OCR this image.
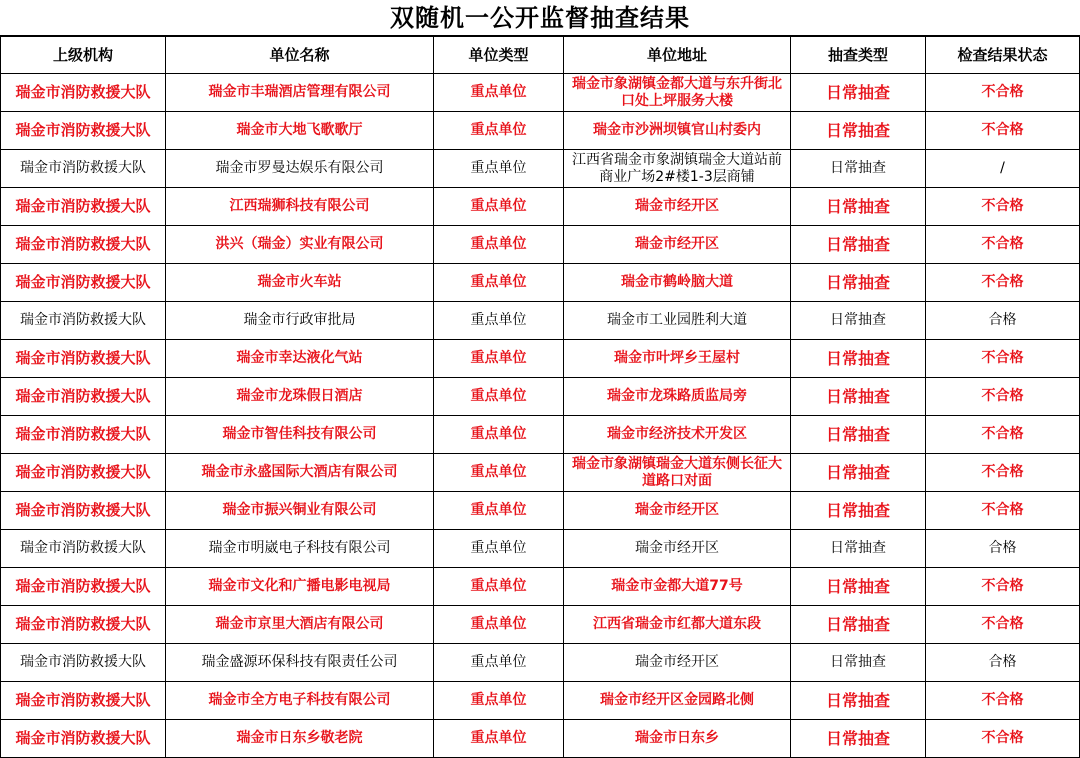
双随机一公开监督抽查结果
上级机构	单位名称	单位类型	单位地址	抽查类型	检查结果状态
瑞金市消防救援大队	瑞金市丰瑞酒店管理有限公司	重点单位	瑞金市象湖镇金都大道与东升街北口处上坪服务大楼	日常抽查	不合格
瑞金市消防救援大队	瑞金市大地飞歌歌厅	重点单位	瑞金市沙洲坝镇官山村委内	日常抽查	不合格
瑞金市消防救援大队	瑞金市罗曼达娱乐有限公司	重点单位	江西省瑞金市象湖镇瑞金大道站前商业广场2#楼1-3层商铺	日常抽查	/
瑞金市消防救援大队	江西瑞狮科技有限公司	重点单位	瑞金市经开区	日常抽查	不合格
瑞金市消防救援大队	洪兴（瑞金）实业有限公司	重点单位	瑞金市经开区	日常抽查	不合格
瑞金市消防救援大队	瑞金市火车站	重点单位	瑞金市鹤岭脑大道	日常抽查	不合格
瑞金市消防救援大队	瑞金市行政审批局	重点单位	瑞金市工业园胜利大道	日常抽查	合格
瑞金市消防救援大队	瑞金市幸达液化气站	重点单位	瑞金市叶坪乡王屋村	日常抽查	不合格
瑞金市消防救援大队	瑞金市龙珠假日酒店	重点单位	瑞金市龙珠路质监局旁	日常抽查	不合格
瑞金市消防救援大队	瑞金市智佳科技有限公司	重点单位	瑞金市经济技术开发区	日常抽查	不合格
瑞金市消防救援大队	瑞金市永盛国际大酒店有限公司	重点单位	瑞金市象湖镇瑞金大道东侧长征大道路口对面	日常抽查	不合格
瑞金市消防救援大队	瑞金市振兴铜业有限公司	重点单位	瑞金市经开区	日常抽查	不合格
瑞金市消防救援大队	瑞金市明崴电子科技有限公司	重点单位	瑞金市经开区	日常抽查	合格
瑞金市消防救援大队	瑞金市文化和广播电影电视局	重点单位	瑞金市金都大道77号	日常抽查	不合格
瑞金市消防救援大队	瑞金市京里大酒店有限公司	重点单位	江西省瑞金市红都大道东段	日常抽查	不合格
瑞金市消防救援大队	瑞金盛源环保科技有限责任公司	重点单位	瑞金市经开区	日常抽查	合格
瑞金市消防救援大队	瑞金市全方电子科技有限公司	重点单位	瑞金市经开区金园路北侧	日常抽查	不合格
瑞金市消防救援大队	瑞金市日东乡敬老院	重点单位	瑞金市日东乡	日常抽查	不合格
